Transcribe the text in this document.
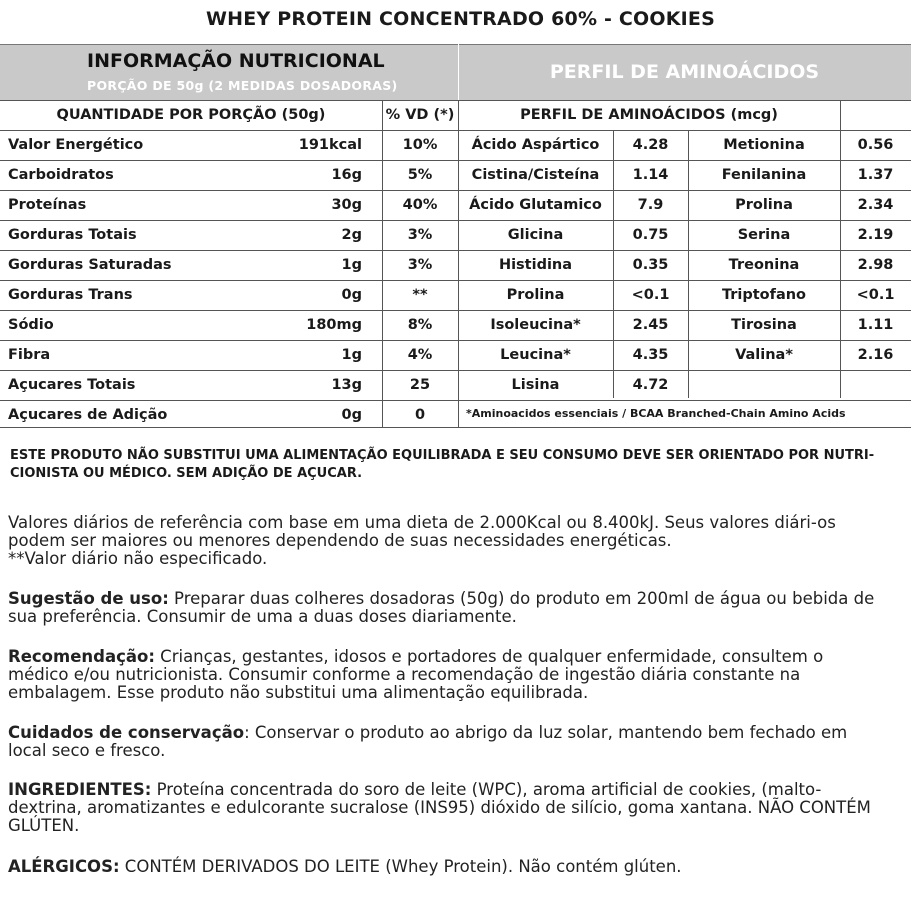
WHEY PROTEIN CONCENTRADO 60% - COOKIES
INFORMAÇÃO NUTRICIONAL
PORÇÃO DE 50g (2 MEDIDAS DOSADORAS)
PERFIL DE AMINOÁCIDOS
QUANTIDADE POR PORÇÃO (50g)	% VD (*)	PERFIL DE AMINOÁCIDOS (mcg)
Valor Energético	191kcal	10%
Carboidratos	16g	5%
Proteínas	30g	40%
Gorduras Totais	2g	3%
Gorduras Saturadas	1g	3%
Gorduras Trans	0g	**
Sódio	180mg	8%
Fibra	1g	4%
Açucares Totais	13g	25
Açucares de Adição	0g	0
Ácido Aspártico	4.28	Metionina	0.56
Cistina/Cisteína	1.14	Fenilanina	1.37
Ácido Glutamico	7.9	Prolina	2.34
Glicina	0.75	Serina	2.19
Histidina	0.35	Treonina	2.98
Prolina	<0.1	Triptofano	<0.1
Isoleucina*	2.45	Tirosina	1.11
Leucina*	4.35	Valina*	2.16
Lisina	4.72
*Aminoacidos essenciais / BCAA Branched-Chain Amino Acids
ESTE PRODUTO NÃO SUBSTITUI UMA ALIMENTAÇÃO EQUILIBRADA E SEU CONSUMO DEVE SER ORIENTADO POR NUTRI-CIONISTA OU MÉDICO. SEM ADIÇÃO DE AÇUCAR.
Valores diários de referência com base em uma dieta de 2.000Kcal ou 8.400kJ. Seus valores diári-os podem ser maiores ou menores dependendo de suas necessidades energéticas.
**Valor diário não especificado.
Sugestão de uso: Preparar duas colheres dosadoras (50g) do produto em 200ml de água ou bebida de sua preferência. Consumir de uma a duas doses diariamente.
Recomendação: Crianças, gestantes, idosos e portadores de qualquer enfermidade, consultem o médico e/ou nutricionista. Consumir conforme a recomendação de ingestão diária constante na embalagem. Esse produto não substitui uma alimentação equilibrada.
Cuidados de conservação: Conservar o produto ao abrigo da luz solar, mantendo bem fechado em local seco e fresco.
INGREDIENTES: Proteína concentrada do soro de leite (WPC), aroma artificial de cookies, (malto-dextrina, aromatizantes e edulcorante sucralose (INS95) dióxido de silício, goma xantana. NÃO CONTÉM GLÚTEN.
ALÉRGICOS: CONTÉM DERIVADOS DO LEITE (Whey Protein). Não contém glúten.
